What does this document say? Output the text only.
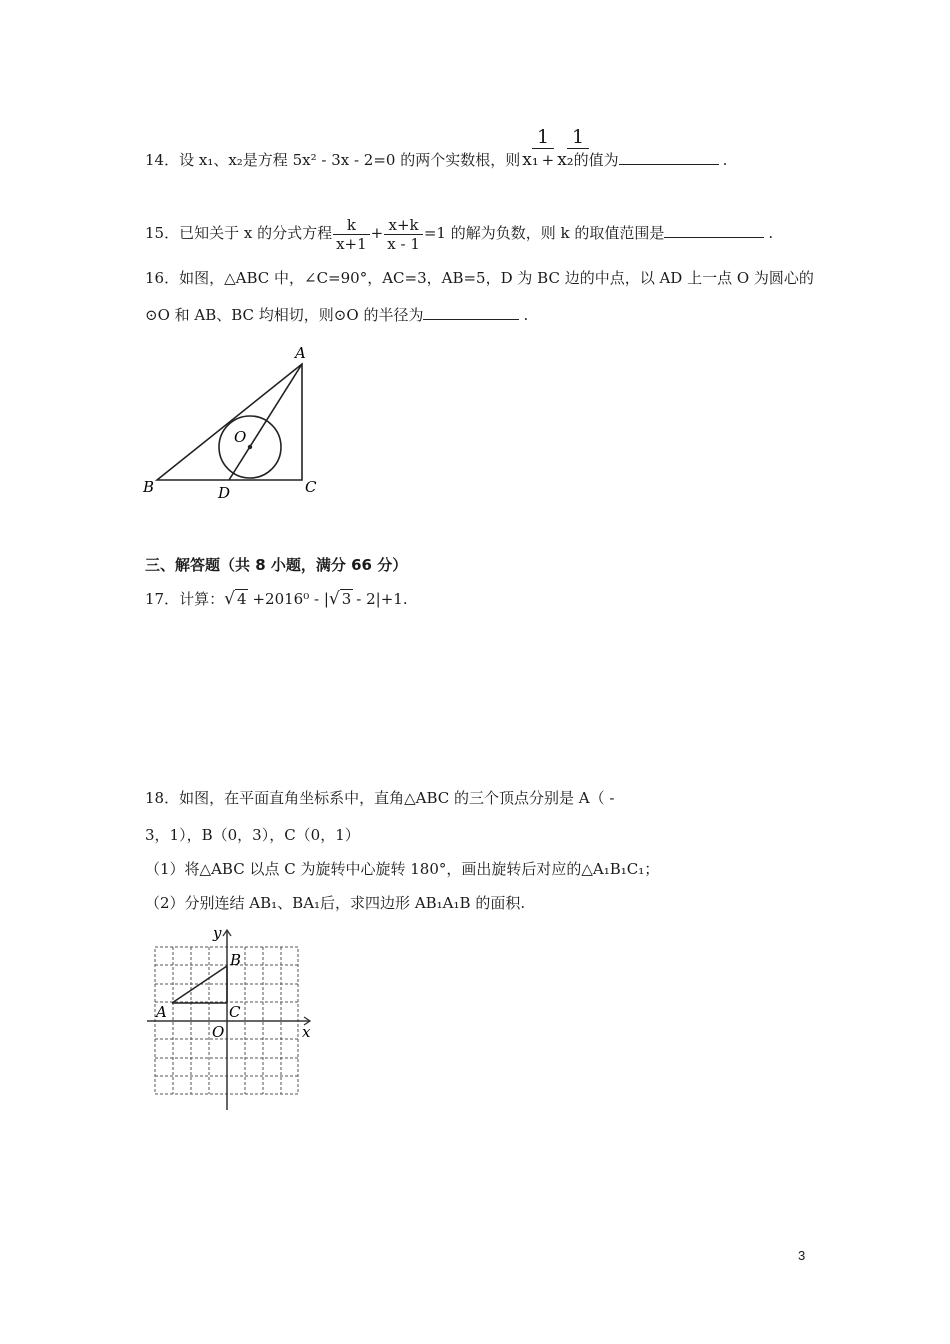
1 1
14．设 x₁、x₂是方程 5x² - 3x - 2=0 的两个实数根，则 x₁ + x₂的值为	.
15．已知关于 x 的分式方程 $\frac{k}{x+1} + \frac{x+k}{x - 1} =1$ 的解为负数，则 k 的取值范围是	.
16．如图，△ABC 中，∠C=90°，AC=3，AB=5，D 为 BC 边的中点，以 AD 上一点 O 为圆心的
⊙O 和 AB、BC 均相切，则⊙O 的半径为	.
A
B	C
D
O
三、解答题（共 8 小题，满分 66 分）
17．计算：√ 4 +2016⁰ - |√ 3 - 2|+1.
18．如图，在平面直角坐标系中，直角△ABC 的三个顶点分别是 A（ -
3，1），B（0，3），C（0，1）
（1）将△ABC 以点 C 为旋转中心旋转 180°，画出旋转后对应的△A₁B₁C₁；
（2）分别连结 AB₁、BA₁后，求四边形 AB₁A₁B 的面积.
y
x
A
B
C
O
3
